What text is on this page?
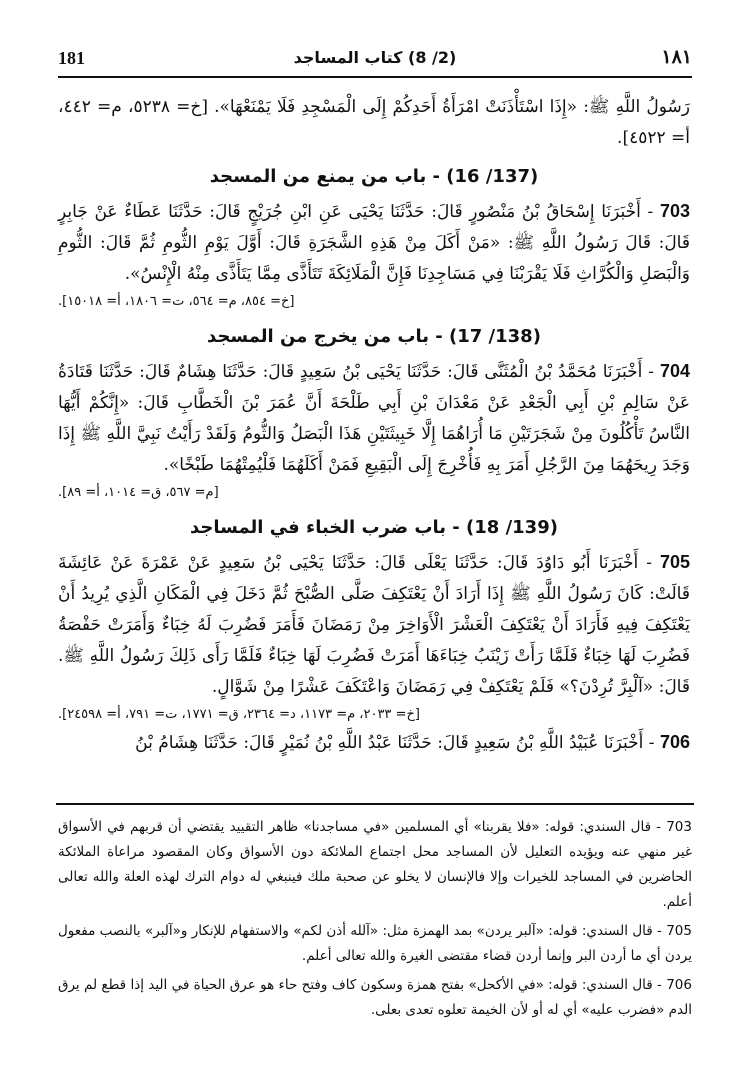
181	(2/ 8) كتاب المساجد	١٨١

رَسُولُ اللَّهِ ﷺ: «إِذَا اسْتَأْذَنَتْ امْرَأَةُ أَحَدِكُمْ إِلَى الْمَسْجِدِ فَلَا يَمْنَعْهَا». [خ= ٥٢٣٨، م= ٤٤٢، أ= ٤٥٢٢].

(137/ 16) - باب من يمنع من المسجد

703 - أَخْبَرَنَا إِسْحَاقُ بْنُ مَنْصُورٍ قَالَ: حَدَّثَنَا يَحْيَى عَنِ ابْنِ جُرَيْجٍ قَالَ: حَدَّثَنَا عَطَاءٌ عَنْ جَابِرٍ قَالَ: قَالَ رَسُولُ اللَّهِ ﷺ: «مَنْ أَكَلَ مِنْ هَذِهِ الشَّجَرَةِ قَالَ: أَوَّلَ يَوْمِ الثُّومِ ثُمَّ قَالَ: الثُّومِ وَالْبَصَلِ وَالْكُرَّاثِ فَلَا يَقْرَبْنَا فِي مَسَاجِدِنَا فَإِنَّ الْمَلَائِكَةَ تَتَأَذَّى مِمَّا يَتَأَذَّى مِنْهُ الْإِنْسُ».

[خ= ٨٥٤، م= ٥٦٤، ت= ١٨٠٦، أ= ١٥٠١٨].

(138/ 17) - باب من يخرج من المسجد

704 - أَخْبَرَنَا مُحَمَّدُ بْنُ الْمُثَنَّى قَالَ: حَدَّثَنَا يَحْيَى بْنُ سَعِيدٍ قَالَ: حَدَّثَنَا هِشَامٌ قَالَ: حَدَّثَنَا قَتَادَةُ عَنْ سَالِمِ بْنِ أَبِي الْجَعْدِ عَنْ مَعْدَانَ بْنِ أَبِي طَلْحَةَ أَنَّ عُمَرَ بْنَ الْخَطَّابِ قَالَ: «إِنَّكُمْ أَيُّهَا النَّاسُ تَأْكُلُونَ مِنْ شَجَرَتَيْنِ مَا أُرَاهُمَا إِلَّا خَبِيثَتَيْنِ هَذَا الْبَصَلُ وَالثُّومُ وَلَقَدْ رَأَيْتُ نَبِيَّ اللَّهِ ﷺ إِذَا وَجَدَ رِيحَهُمَا مِنَ الرَّجُلِ أَمَرَ بِهِ فَأُخْرِجَ إِلَى الْبَقِيعِ فَمَنْ أَكَلَهُمَا فَلْيُمِتْهُمَا طَبْخًا».

[م= ٥٦٧، ق= ١٠١٤، أ= ٨٩].

(139/ 18) - باب ضرب الخباء في المساجد

705 - أَخْبَرَنَا أَبُو دَاوُدَ قَالَ: حَدَّثَنَا يَعْلَى قَالَ: حَدَّثَنَا يَحْيَى بْنُ سَعِيدٍ عَنْ عَمْرَةَ عَنْ عَائِشَةَ قَالَتْ: كَانَ رَسُولُ اللَّهِ ﷺ إِذَا أَرَادَ أَنْ يَعْتَكِفَ صَلَّى الصُّبْحَ ثُمَّ دَخَلَ فِي الْمَكَانِ الَّذِي يُرِيدُ أَنْ يَعْتَكِفَ فِيهِ فَأَرَادَ أَنْ يَعْتَكِفَ الْعَشْرَ الْأَوَاخِرَ مِنْ رَمَضَانَ فَأَمَرَ فَضُرِبَ لَهُ خِبَاءٌ وَأَمَرَتْ حَفْصَةُ فَضُرِبَ لَهَا خِبَاءٌ فَلَمَّا رَأَتْ زَيْنَبُ خِبَاءَهَا أَمَرَتْ فَضُرِبَ لَهَا خِبَاءٌ فَلَمَّا رَأَى ذَلِكَ رَسُولُ اللَّهِ ﷺ. قَالَ: «آلْبِرَّ تُرِدْنَ؟» فَلَمْ يَعْتَكِفْ فِي رَمَضَانَ وَاعْتَكَفَ عَشْرًا مِنْ شَوَّالٍ.

[خ= ٢٠٣٣، م= ١١٧٣، د= ٢٣٦٤، ق= ١٧٧١، ت= ٧٩١، أ= ٢٤٥٩٨].

706 - أَخْبَرَنَا عُبَيْدُ اللَّهِ بْنُ سَعِيدٍ قَالَ: حَدَّثَنَا عَبْدُ اللَّهِ بْنُ نُمَيْرٍ قَالَ: حَدَّثَنَا هِشَامُ بْنُ

703 - قال السندي: قوله: «فلا يقربنا» أي المسلمين «في مساجدنا» ظاهر التقييد يقتضي أن قربهم في الأسواق غير منهي عنه ويؤيده التعليل لأن المساجد محل اجتماع الملائكة دون الأسواق وكان المقصود مراعاة الملائكة الحاضرين في المساجد للخيرات وإلا فالإنسان لا يخلو عن صحبة ملك فينبغي له دوام الترك لهذه العلة والله تعالى أعلم.

705 - قال السندي: قوله: «آلبر يردن» بمد الهمزة مثل: «آلله أذن لكم» والاستفهام للإنكار و«آلبر» بالنصب مفعول يردن أي ما أردن البر وإنما أردن قضاء مقتضى الغيرة والله تعالى أعلم.

706 - قال السندي: قوله: «في الأكحل» بفتح همزة وسكون كاف وفتح حاء هو عرق الحياة في اليد إذا قطع لم يرق الدم «فضرب عليه» أي له أو لأن الخيمة تعلوه تعدى بعلى.
